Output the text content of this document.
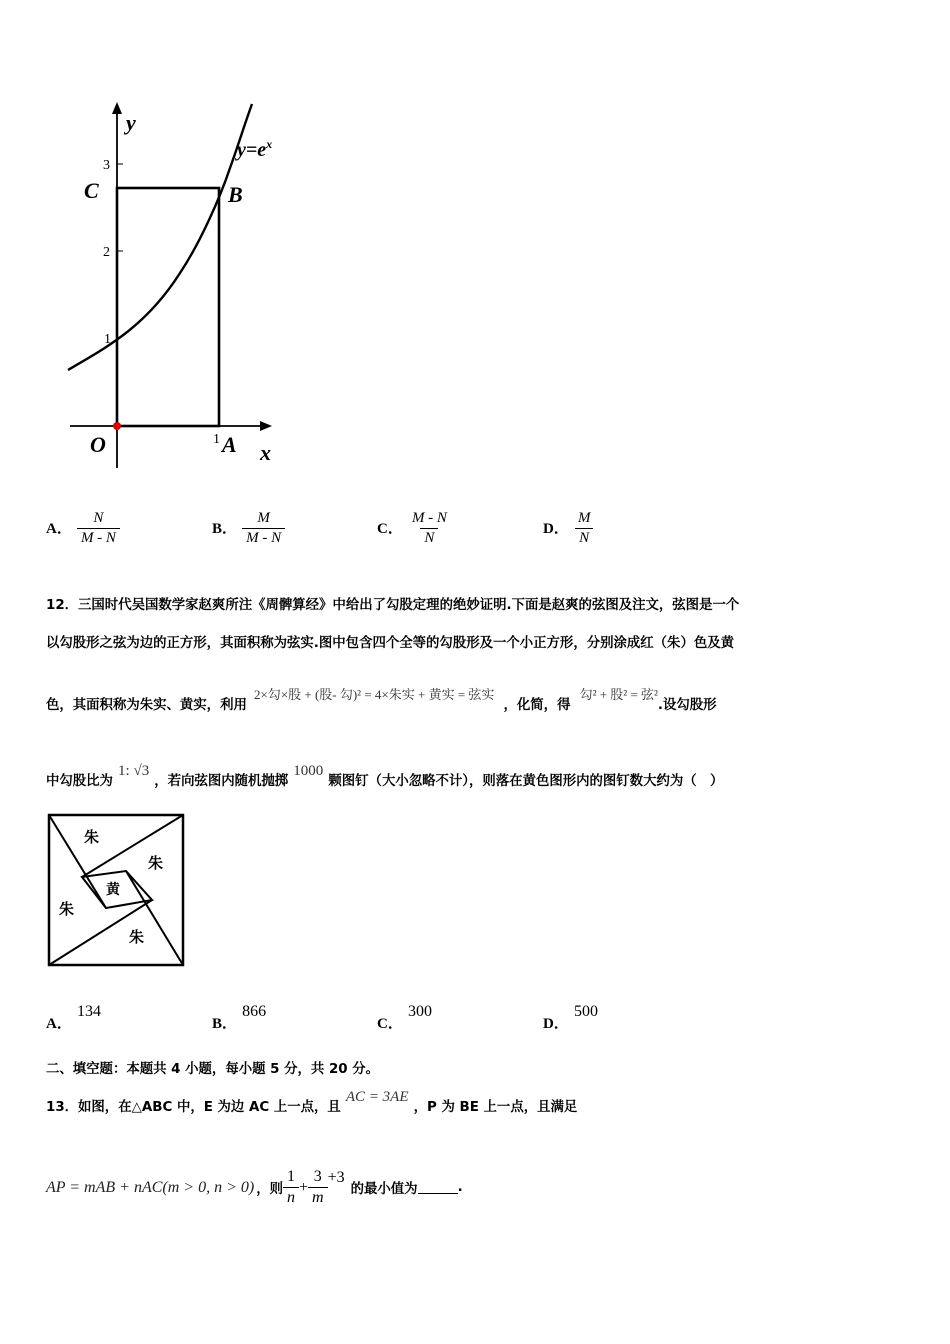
y
x
O	A
B
C
1
1
2
3
$y=e^x$
A． $\frac{N}{M - N}$	B． $\frac{M}{M - N}$	C． $\frac{M - N}{N}$	D． $\frac{M}{N}$
12．三国时代吴国数学家赵爽所注《周髀算经》中给出了勾股定理的绝妙证明.下面是赵爽的弦图及注文，弦图是一个
以勾股形之弦为边的正方形，其面积称为弦实.图中包含四个全等的勾股形及一个小正方形，分别涂成红（朱）色及黄
$_{色,其面积称为朱实、黄实,利用}$ 2×勾×股 + (股- 勾)² = 4×朱实 + 黄实 = 弦实 $_{,化简,得}$ 勾² + 股² = 弦$^2_{.设勾股形}$
$_{中勾股比为}$ 1: √3 $_{,若向弦图内随机抛掷}$ 1000 $_{颗图钉(大小忽略不计),则落在黄色图形内的图钉数大约为( )}$
朱
朱
黄
朱
朱
A． 134
B． 866
C． 300
D． 500
二、填空题：本题共 4 小题，每小题 5 分，共 20 分。
$_{13.如图,在\triangle ABC 中,E 为边 AC 上一点,且}$ AC = 3AE $_{,P 为 BE 上一点,且满足}$
AP = mAB + nAC(m > 0, n > 0) ，则 $\frac{1}{n} + \frac{3}{m} +3$
的最小值为	.
